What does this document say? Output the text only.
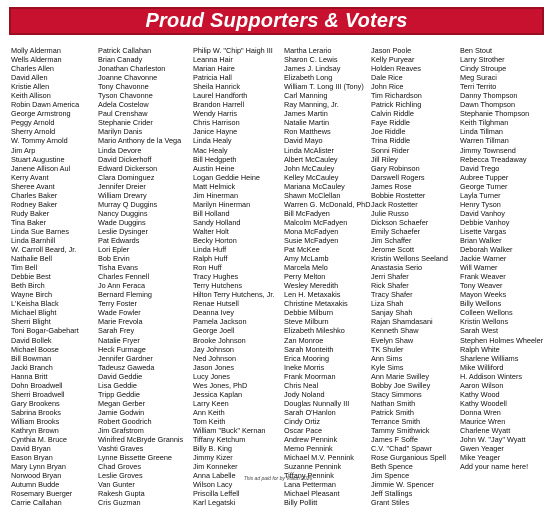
Proud Supporters & Voters
Molly Alderman
Wells Alderman
Charles Allen
David Allen
Kristie Allen
Keith Allison
Robin Dawn America
George Armstrong
Peggy Arnold
Sherry Arnold
W. Tommy Arnold
Jim Arp
Stuart Augustine
Janene Allison Aul
Kerry Avant
Sheree Avant
Charles Baker
Rodney Baker
Rudy Baker
Tina Baker
Linda Sue Barnes
Linda Barnhill
W. Carroll Beard, Jr.
Nathalie Bell
Tim Bell
Debbie Best
Beth Birch
Wayne Birch
L'Keisha Black
Michael Blight
Sherri Blight
Toni Bogar-Gabehart
David Bollek
Michael Boose
Bill Bowman
Jacki Branch
Hanna Britt
Dohn Broadwell
Sherri Broadwell
Gary Brookens
Sabrina Brooks
William Brooks
Kathryn Brown
Cynthia M. Bruce
David Bryan
Eason Bryan
Mary Lynn Bryan
Norwood Bryan
Autumn Budde
Rosemary Buerger
Carrie Callahan
Patrick Callahan
Brian Canady
Jonathan Charleston
Joanne Chavonne
Tony Chavonne
Tyson Chavonne
Adela Costelow
Paul Crenshaw
Stephanie Crider
Marilyn Danis
Mario Anthony de la Vega
Linda Devore
David Dickerhoff
Edward Dickerson
Clara Dominguez
Jennifer Dreier
William Drewry
Murray Q Duggins
Nancy Duggins
Wade Duggins
Leslie Dysinger
Pat Edwards
Lori Epler
Bob Ervin
Tisha Evans
Charles Fennell
Jo Ann Feraca
Bernard Fleming
Terry Foster
Wade Fowler
Marie Frevola
Sarah Frey
Natalie Fryer
Heck Furmage
Jennifer Gardner
Tadeusz Gaweda
David Geddie
Lisa Geddie
Tripp Geddie
Megan Gerber
Jamie Godwin
Robert Goodrich
Jim Grafstrom
Winifred McBryde Grannis
Vashti Graves
Lynne Bissette Greene
Chad Groves
Leslie Groves
Van Gunter
Rakesh Gupta
Cris Guzman
Philip W. "Chip" Haigh III
Leanna Hair
Marian Haire
Patricia Hall
Sheila Hanrick
Laurel Handforth
Brandon Harrell
Wendy Harris
Chris Harrison
Janice Hayne
Linda Healy
Mac Healy
Bill Hedgpeth
Austin Heine
Logan Geddie Heine
Matt Helmick
Jim Hinerman
Marilyn Hinerman
Bill Holland
Sandy Holland
Walter Holt
Becky Horton
Linda Huff
Ralph Huff
Ron Huff
Tracy Hughes
Terry Hutchens
Hilton Terry Hutchens, Jr.
Renae Hutsell
Deanna Ivey
Pamela Jackson
George Joell
Brooke Johnson
Jay Johnson
Ned Johnson
Jason Jones
Lucy Jones
Wes Jones, PhD
Jessica Kaplan
Larry Keen
Ann Keith
Tom Keith
William "Buck" Kernan
Tiffany Ketchum
Billy B. King
Jimmy Kizer
Jim Konneker
Anna Labelle
Wilson Lacy
Priscilla Leffell
Karl Legatski
Martha Lerario
Sharon C. Lewis
James J. Lindsay
Elizabeth Long
William T. Long III (Tony)
Carl Manning
Ray Manning, Jr.
James Martin
Natalie Martin
Ron Matthews
David Mayo
Linda McAlister
Albert McCauley
John McCauley
Kelley McCauley
Mariana McCauley
Shawn McClellan
Warren G. McDonald, PhD
Bill McFadyen
Malcolm McFadyen
Mona McFadyen
Susie McFadyen
Pat McKee
Amy McLamb
Marcela Melo
Perry Melton
Wesley Meredith
Len H. Metaxakis
Christine Metaxakis
Debbie Milburn
Steve Milburn
Elizabeth Mileshko
Zan Monroe
Sarah Monteith
Erica Mooring
Ineke Morris
Frank Moorman
Chris Neal
Jody Noland
Douglas Nunnally III
Sarah O'Hanlon
Cindy Ortiz
Oscar Pace
Andrew Pennink
Memo Pennink
Michael M.V. Pennink
Suzanne Pennink
Tiffany Pennink
Lana Petterman
Michael Pleasant
Billy Pollitt
Jason Poole
Kelly Puryear
Holden Reaves
Dale Rice
John Rice
Tim Richardson
Patrick Richling
Calvin Riddle
Faye Riddle
Joe Riddle
Trina Riddle
Sonni Rider
Jill Riley
Gary Robinson
Darswell Rogers
James Rose
Bobbie Rostetter
Jack Rostetter
Julie Russo
Dickson Schaefer
Emily Schaefer
Jim Schaffer
Jerome Scott
Kristin Wellons Seeland
Anastasia Serio
Jerri Shafer
Rick Shafer
Tracy Shafer
Liza Shah
Sanjay Shah
Rajan Shamdasani
Kenneth Shaw
Evelyn Shaw
TK Shuler
Ann Sims
Kyle Sims
Ann Marie Swilley
Bobby Joe Swilley
Stacy Simmons
Nathan Smith
Patrick Smith
Terrance Smith
Tammy Smithwick
James F Soffe
C.V. "Chad" Spawr
Rose Gurganious Spell
Beth Spence
Jim Spence
Jimmie W. Spencer
Jeff Stallings
Grant Stiles
Ben Stout
Larry Strother
Cindy Stroupe
Meg Suraci
Terri Territo
Danny Thompson
Dawn Thompson
Stephanie Thompson
Keith Tilghman
Linda Tillman
Warren Tillman
Jimmy Townsend
Rebecca Treadaway
David Trego
Aubree Tupper
George Turner
Layla Turner
Henry Tyson
David Vanhoy
Debbie Vanhoy
Lisette Vargas
Brian Walker
Deborah Walker
Jackie Warner
Will Warner
Frank Weaver
Tony Weaver
Mayon Weeks
Billy Wellons
Colleen Wellons
Kristin Wellons
Sarah West
Stephen Holmes Wheeler
Ralph White
Sharlene Williams
Mike Williford
H. Addison Winters
Aaron Wilson
Kathy Wood
Kathy Woodell
Donna Wren
Maurice Wren
Charlene Wyatt
John W. "Jay" Wyatt
Gwen Yeager
Mike Yeager
Add your name here!
This ad paid for by Vision 2026
